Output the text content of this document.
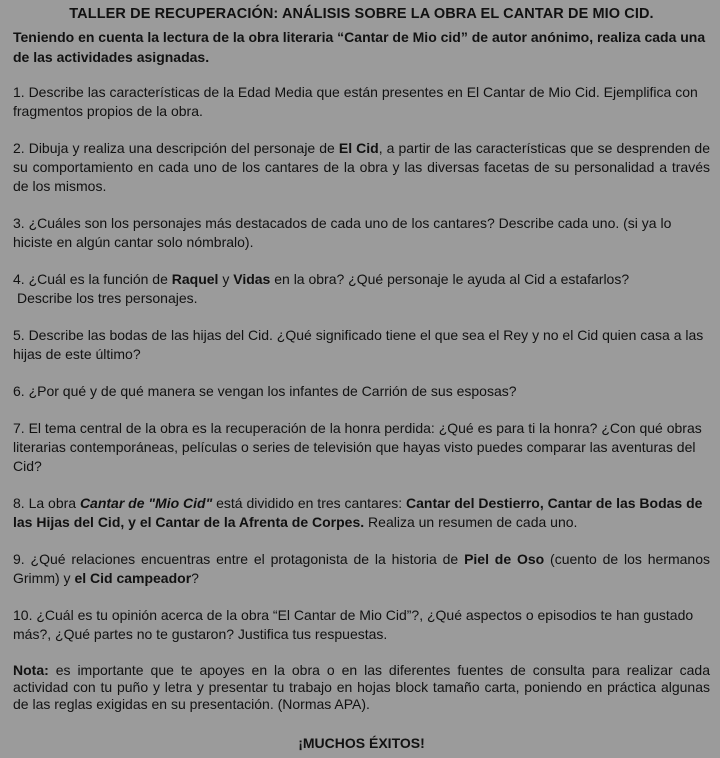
TALLER DE RECUPERACIÓN: ANÁLISIS SOBRE LA OBRA EL CANTAR DE MIO CID.
Teniendo en cuenta la lectura de la obra literaria “Cantar de Mio cid” de autor anónimo, realiza cada una de las actividades asignadas.
1. Describe las características de la Edad Media que están presentes en El Cantar de Mio Cid. Ejemplifica con fragmentos propios de la obra.
2. Dibuja y realiza una descripción del personaje de El Cid, a partir de las características que se desprenden de su comportamiento en cada uno de los cantares de la obra y las diversas facetas de su personalidad a través de los mismos.
3. ¿Cuáles son los personajes más destacados de cada uno de los cantares? Describe cada uno. (si ya lo hiciste en algún cantar solo nómbralo).
4. ¿Cuál es la función de Raquel y Vidas en la obra? ¿Qué personaje le ayuda al Cid a estafarlos?
Describe los tres personajes.
5. Describe las bodas de las hijas del Cid. ¿Qué significado tiene el que sea el Rey y no el Cid quien casa a las hijas de este último?
6. ¿Por qué y de qué manera se vengan los infantes de Carrión de sus esposas?
7. El tema central de la obra es la recuperación de la honra perdida: ¿Qué es para ti la honra? ¿Con qué obras literarias contemporáneas, películas o series de televisión que hayas visto puedes comparar las aventuras del Cid?
8. La obra Cantar de "Mio Cid" está dividido en tres cantares: Cantar del Destierro, Cantar de las Bodas de las Hijas del Cid, y el Cantar de la Afrenta de Corpes. Realiza un resumen de cada uno.
9. ¿Qué relaciones encuentras entre el protagonista de la historia de Piel de Oso (cuento de los hermanos Grimm) y el Cid campeador?
10. ¿Cuál es tu opinión acerca de la obra “El Cantar de Mio Cid”?, ¿Qué aspectos o episodios te han gustado más?, ¿Qué partes no te gustaron? Justifica tus respuestas.
Nota: es importante que te apoyes en la obra o en las diferentes fuentes de consulta para realizar cada actividad con tu puño y letra y presentar tu trabajo en hojas block tamaño carta, poniendo en práctica algunas de las reglas exigidas en su presentación. (Normas APA).
¡MUCHOS ÉXITOS!
